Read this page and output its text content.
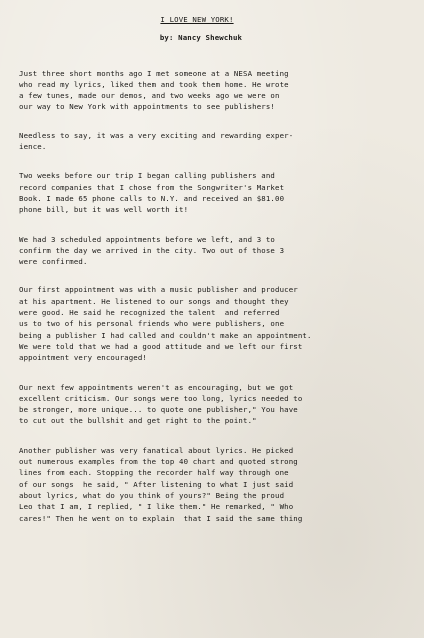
I LOVE NEW YORK!
by: Nancy Shewchuk
Just three short months ago I met someone at a NESA meeting
who read my lyrics, liked them and took them home. He wrote
a few tunes, made our demos, and two weeks ago we were on
our way to New York with appointments to see publishers!
Needless to say, it was a very exciting and rewarding exper-
ience.
Two weeks before our trip I began calling publishers and
record companies that I chose from the Songwriter's Market
Book. I made 65 phone calls to N.Y. and received an $81.00
phone bill, but it was well worth it!
We had 3 scheduled appointments before we left, and 3 to
confirm the day we arrived in the city. Two out of those 3
were confirmed.
Our first appointment was with a music publisher and producer
at his apartment. He listened to our songs and thought they
were good. He said he recognized the talent  and referred
us to two of his personal friends who were publishers, one
being a publisher I had called and couldn't make an appointment.
We were told that we had a good attitude and we left our first
appointment very encouraged!
Our next few appointments weren't as encouraging, but we got
excellent criticism. Our songs were too long, lyrics needed to
be stronger, more unique... to quote one publisher," You have
to cut out the bullshit and get right to the point."
Another publisher was very fanatical about lyrics. He picked
out numerous examples from the top 40 chart and quoted strong
lines from each. Stopping the recorder half way through one
of our songs  he said, " After listening to what I just said
about lyrics, what do you think of yours?" Being the proud
Leo that I am, I replied, " I like them." He remarked, " Who
cares!" Then he went on to explain  that I said the same thing
